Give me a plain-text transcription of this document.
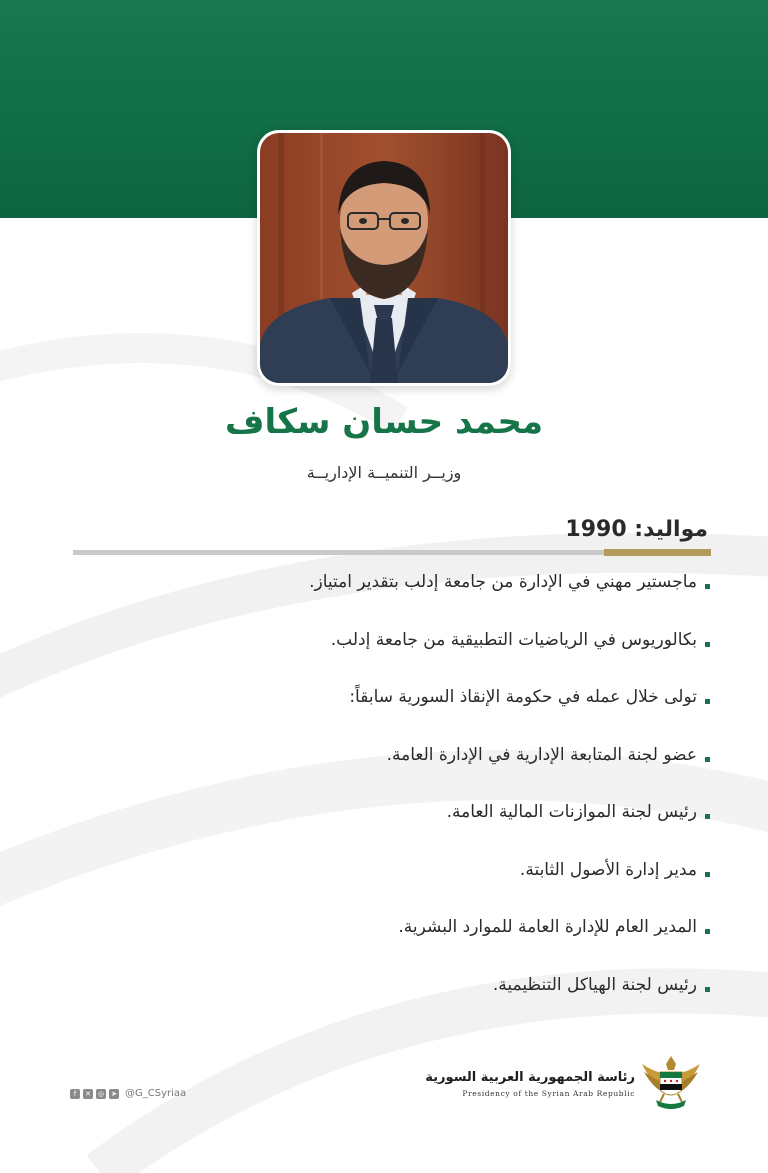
محمد حسان سكاف
وزيــر التنميــة الإداريــة
مواليد: 1990
ماجستير مهني في الإدارة من جامعة إدلب بتقدير امتياز.
بكالوريوس في الرياضيات التطبيقية من جامعة إدلب.
تولى خلال عمله في حكومة الإنقاذ السورية سابقاً:
عضو لجنة المتابعة الإدارية في الإدارة العامة.
رئيس لجنة الموازنات المالية العامة.
مدير إدارة الأصول الثابتة.
المدير العام للإدارة العامة للموارد البشرية.
رئيس لجنة الهياكل التنظيمية.
f	✕ ◎ ➤ @G_CSyriaa
رئاسة الجمهورية العربية السورية
Presidency of the Syrian Arab Republic
